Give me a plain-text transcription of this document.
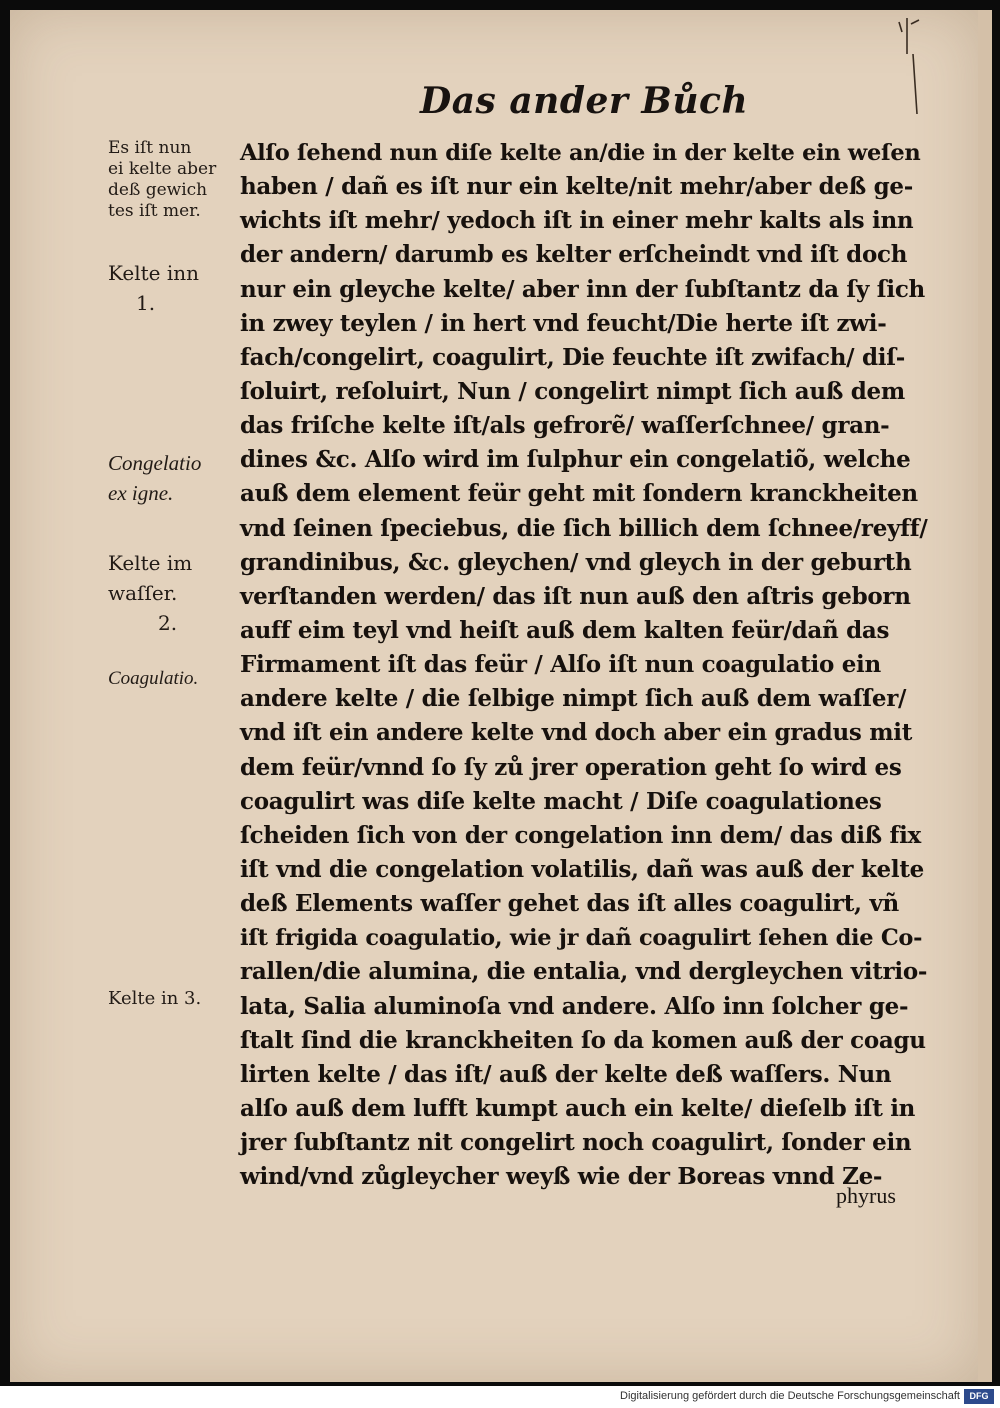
Das ander Bůch
Es iſt nun
ei kelte aber
deß gewich
tes iſt mer.
Kelte inn
1.
Congelatio
ex igne.
Kelte im
waſſer.
2.
Coagulatio.
Kelte in 3.
Alſo ſehend nun diſe kelte an/die in der kelte ein weſen
haben / dañ es iſt nur ein kelte/nit mehr/aber deß ge-
wichts iſt mehr/ yedoch iſt in einer mehr kalts als inn
der andern/ darumb es kelter erſcheindt vnd iſt doch
nur ein gleyche kelte/ aber inn der ſubſtantz da ſy ſich
in zwey teylen / in hert vnd feucht/Die herte iſt zwi-
fach/congelirt, coagulirt, Die feuchte iſt zwifach/ diſ-
ſoluirt, reſoluirt, Nun / congelirt nimpt ſich auß dem
das friſche kelte iſt/als gefrorẽ/ waſſerſchnee/ gran-
dines &c. Alſo wird im ſulphur ein congelatiõ, welche
auß dem element feür geht mit ſondern kranckheiten
vnd ſeinen ſpeciebus, die ſich billich dem ſchnee/reyff/
grandinibus, &c. gleychen/ vnd gleych in der geburth
verſtanden werden/ das iſt nun auß den aſtris geborn
auff eim teyl vnd heiſt auß dem kalten feür/dañ das
Firmament iſt das feür / Alſo iſt nun coagulatio ein
andere kelte / die ſelbige nimpt ſich auß dem waſſer/
vnd iſt ein andere kelte vnd doch aber ein gradus mit
dem feür/vnnd ſo ſy zů jrer operation geht ſo wird es
coagulirt was diſe kelte macht / Diſe coagulationes
ſcheiden ſich von der congelation inn dem/ das diß fix
iſt vnd die congelation volatilis, dañ was auß der kelte
deß Elements waſſer gehet das iſt alles coagulirt, vñ
iſt frigida coagulatio, wie jr dañ coagulirt ſehen die Co-
rallen/die alumina, die entalia, vnd dergleychen vitrio-
lata, Salia aluminoſa vnd andere. Alſo inn ſolcher ge-
ſtalt ſind die kranckheiten ſo da komen auß der coagu
lirten kelte / das iſt/ auß der kelte deß waſſers. Nun
alſo auß dem lufft kumpt auch ein kelte/ dieſelb iſt in
jrer ſubſtantz nit congelirt noch coagulirt, ſonder ein
wind/vnd zůgleycher weyß wie der Boreas vnnd Ze-
phyrus
Digitalisierung gefördert durch die Deutsche Forschungsgemeinschaft	DFG
